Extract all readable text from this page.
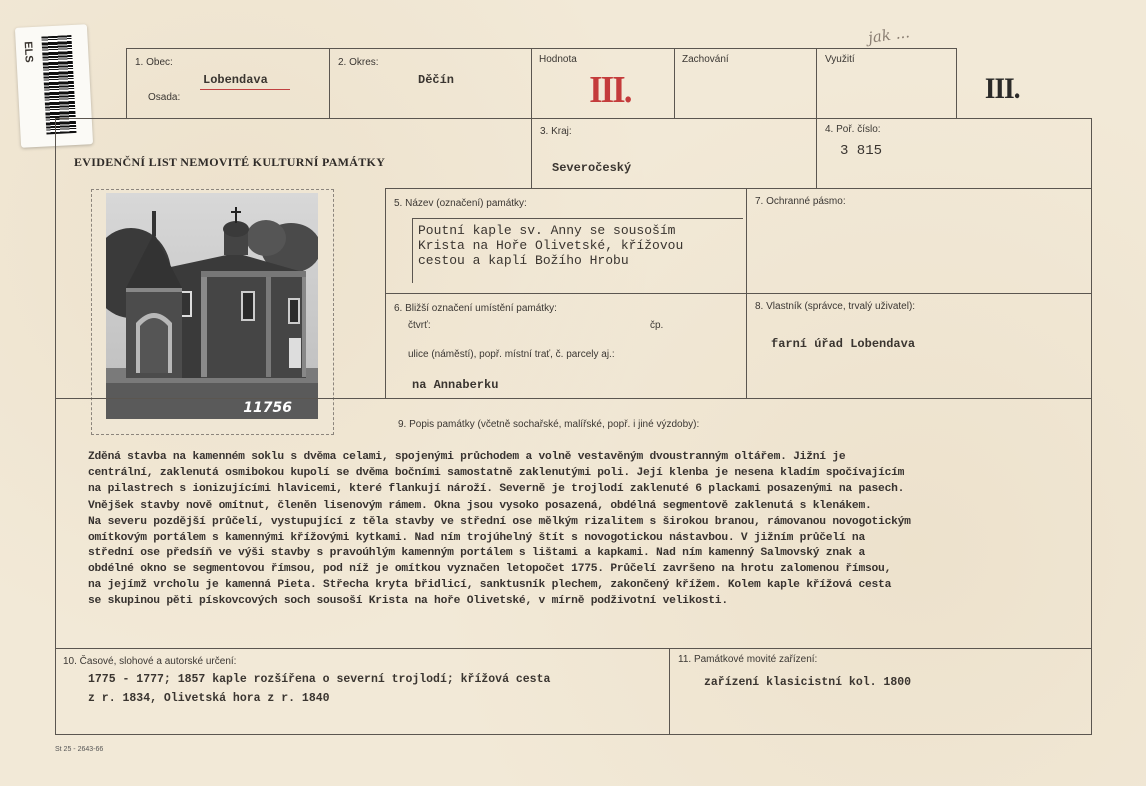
ELS
jak ...
1. Obec:
Lobendava
Osada:
2. Okres:
Děčín
Hodnota
III.
Zachování	Využití
III.
EVIDENČNÍ LIST NEMOVITÉ KULTURNÍ PAMÁTKY
3. Kraj:
Severočeský
4. Poř. číslo:
3 815
5. Název (označení) památky:
Poutní kaple sv. Anny se sousoším
Krista na Hoře Olivetské, křížovou
cestou a kaplí Božího Hrobu
7. Ochranné pásmo:
6. Bližší označení umístění památky:
čtvrť:	čp.
ulice (náměstí), popř. místní trať, č. parcely aj.:
na Annaberku
8. Vlastník (správce, trvalý uživatel):
farní úřad Lobendava
11756
9. Popis památky (včetně sochařské, malířské, popř. i jiné výzdoby):
Zděná stavba na kamenném soklu s dvěma celami, spojenými průchodem a volně vestavěným dvoustranným oltářem. Jižní je
centrální, zaklenutá osmibokou kupolí se dvěma bočními samostatně zaklenutými poli. Její klenba je nesena kladím spočívajícím
na pilastrech s ionizujícími hlavicemi, které flankují nároží. Severně je trojlodí zaklenuté 6 plackami posazenými na pasech.
Vnějšek stavby nově omítnut, členěn lisenovým rámem. Okna jsou vysoko posazená, obdélná segmentově zaklenutá s klenákem.
Na severu pozdější průčelí, vystupující z těla stavby ve střední ose mělkým rizalitem s širokou branou, rámovanou novogotickým
omítkovým portálem s kamennými křížovými kytkami. Nad ním trojúhelný štít s novogotickou nástavbou. V jižním průčelí na
střední ose předsíň ve výši stavby s pravoúhlým kamenným portálem s lištami a kapkami. Nad ním kamenný Salmovský znak a
obdélné okno se segmentovou římsou, pod níž je omítkou vyznačen letopočet 1775. Průčelí završeno na hrotu zalomenou římsou,
na jejímž vrcholu je kamenná Pieta. Střecha kryta břidlicí, sanktusník plechem, zakončený křížem. Kolem kaple křížová cesta
se skupinou pěti pískovcových soch sousoší Krista na hoře Olivetské, v mírně podživotní velikosti.
10. Časové, slohové a autorské určení:
1775 - 1777; 1857 kaple rozšířena o severní trojlodí; křížová cesta
z r. 1834, Olivetská hora z r. 1840
11. Památkové movité zařízení:
zařízení klasicistní kol. 1800
St 25 - 2643-66
